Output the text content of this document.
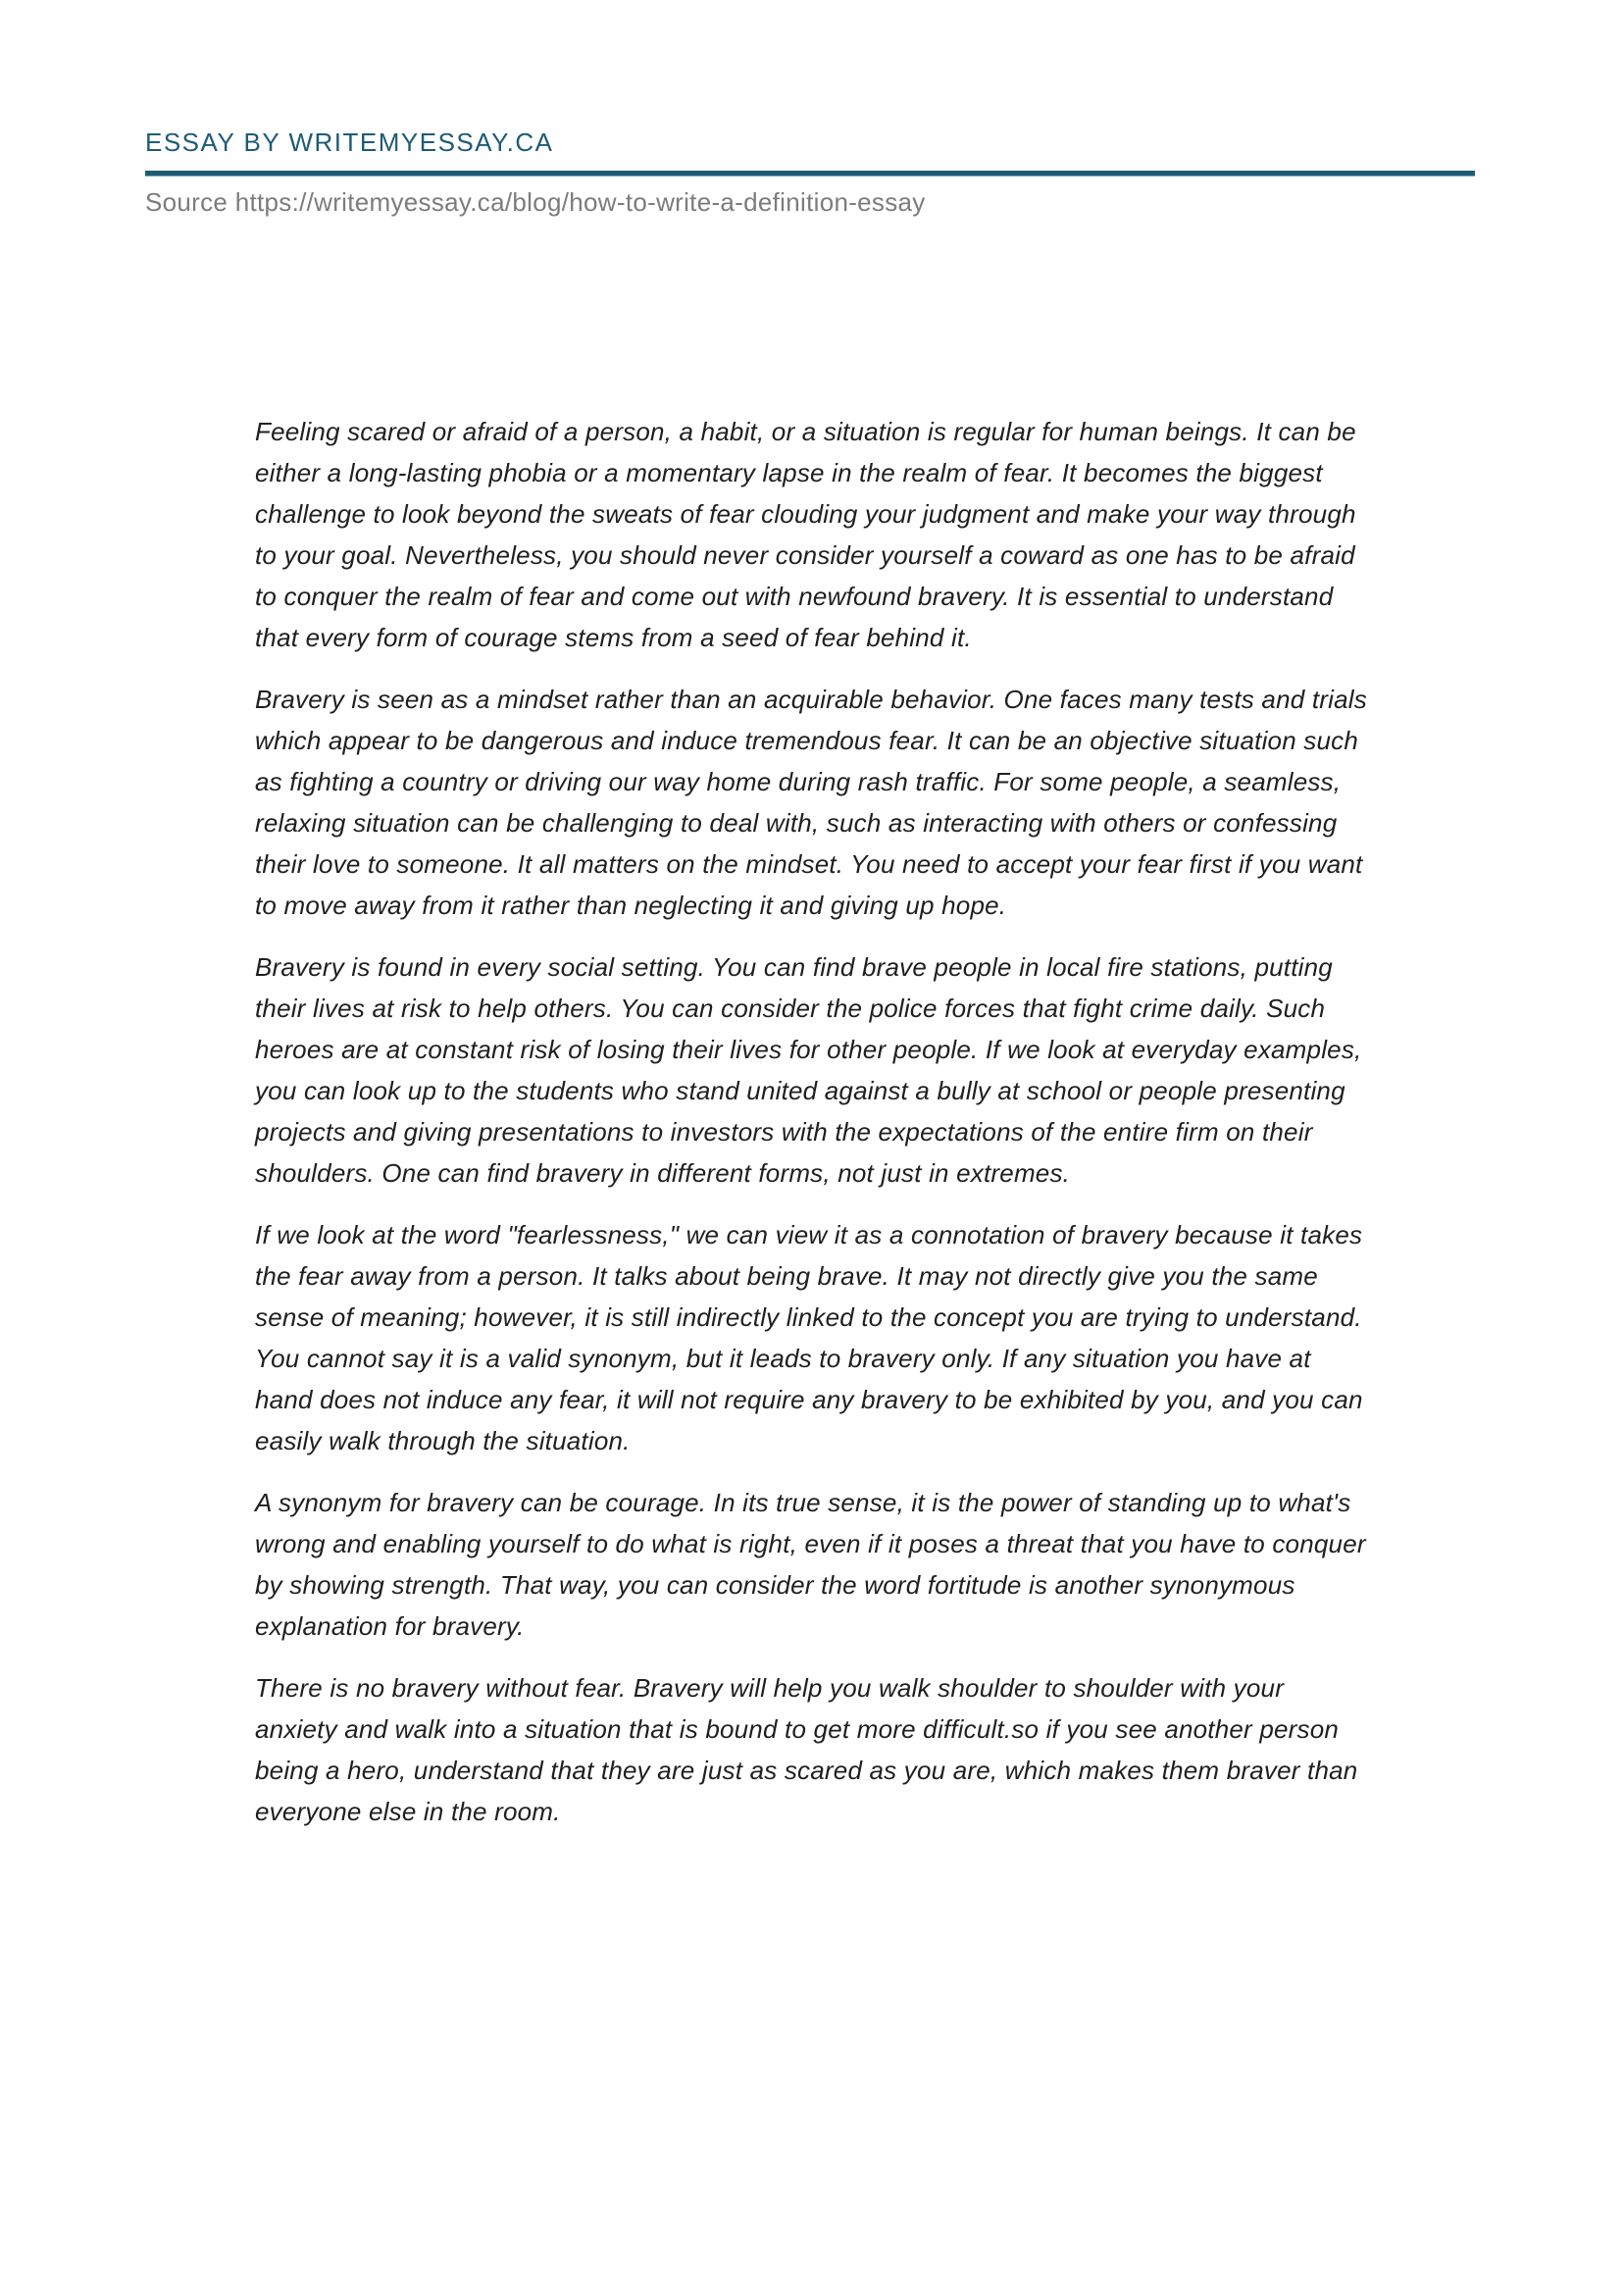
ESSAY BY WRITEMYESSAY.CA
Source https://writemyessay.ca/blog/how-to-write-a-definition-essay

Feeling scared or afraid of a person, a habit, or a situation is regular for human beings. It can be either a long-lasting phobia or a momentary lapse in the realm of fear. It becomes the biggest challenge to look beyond the sweats of fear clouding your judgment and make your way through to your goal. Nevertheless, you should never consider yourself a coward as one has to be afraid to conquer the realm of fear and come out with newfound bravery. It is essential to understand that every form of courage stems from a seed of fear behind it.

Bravery is seen as a mindset rather than an acquirable behavior. One faces many tests and trials which appear to be dangerous and induce tremendous fear. It can be an objective situation such as fighting a country or driving our way home during rash traffic. For some people, a seamless, relaxing situation can be challenging to deal with, such as interacting with others or confessing their love to someone. It all matters on the mindset. You need to accept your fear first if you want to move away from it rather than neglecting it and giving up hope.

Bravery is found in every social setting. You can find brave people in local fire stations, putting their lives at risk to help others. You can consider the police forces that fight crime daily. Such heroes are at constant risk of losing their lives for other people. If we look at everyday examples, you can look up to the students who stand united against a bully at school or people presenting projects and giving presentations to investors with the expectations of the entire firm on their shoulders. One can find bravery in different forms, not just in extremes.

If we look at the word "fearlessness," we can view it as a connotation of bravery because it takes the fear away from a person. It talks about being brave. It may not directly give you the same sense of meaning; however, it is still indirectly linked to the concept you are trying to understand. You cannot say it is a valid synonym, but it leads to bravery only. If any situation you have at hand does not induce any fear, it will not require any bravery to be exhibited by you, and you can easily walk through the situation.

A synonym for bravery can be courage. In its true sense, it is the power of standing up to what's wrong and enabling yourself to do what is right, even if it poses a threat that you have to conquer by showing strength. That way, you can consider the word fortitude is another synonymous explanation for bravery.

There is no bravery without fear. Bravery will help you walk shoulder to shoulder with your anxiety and walk into a situation that is bound to get more difficult.so if you see another person being a hero, understand that they are just as scared as you are, which makes them braver than everyone else in the room.
